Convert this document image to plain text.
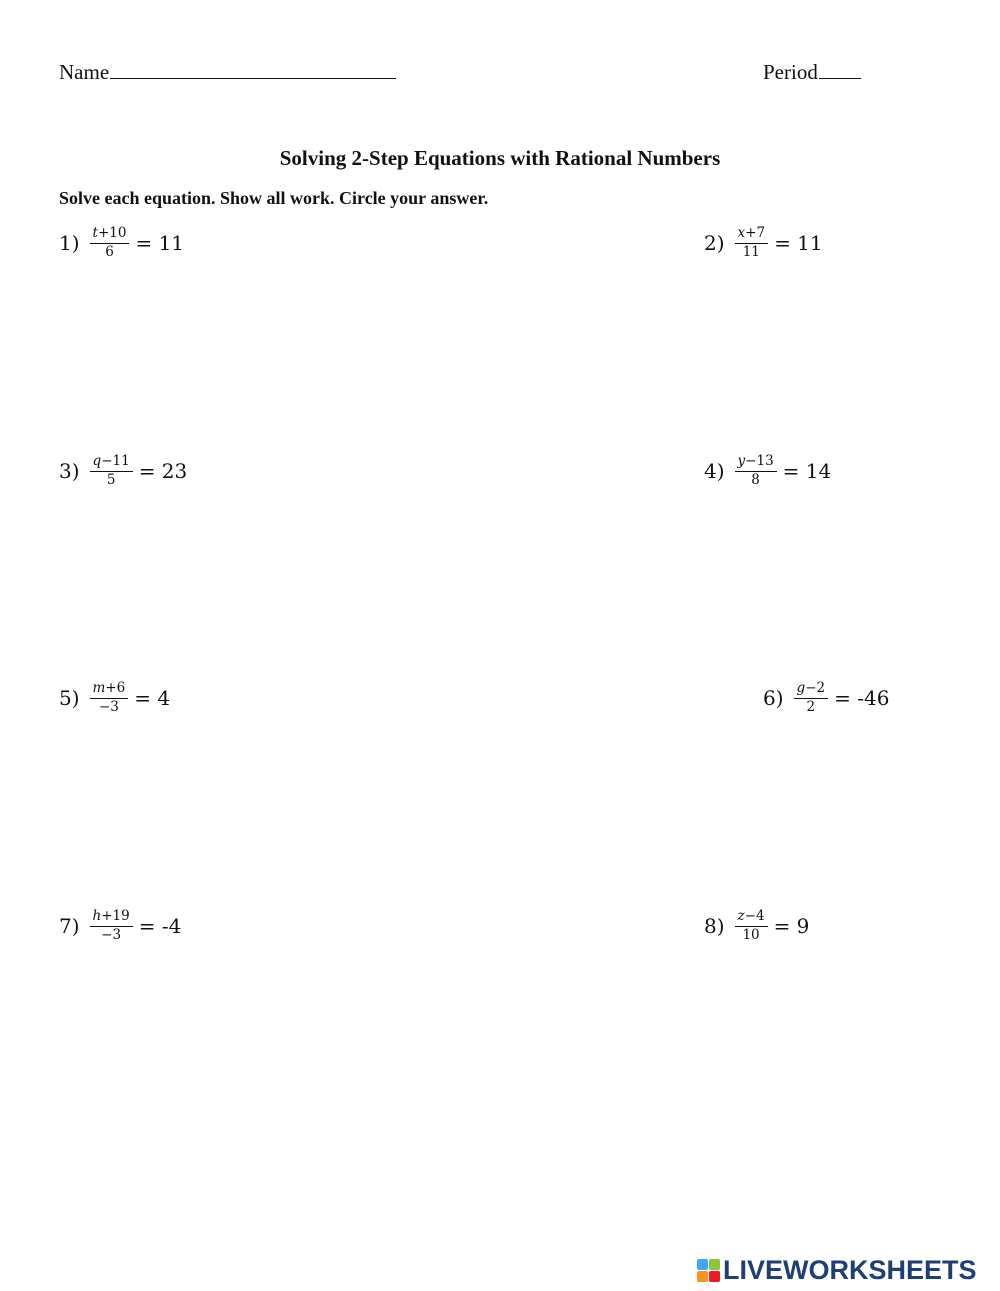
Name	Period
Solving 2-Step Equations with Rational Numbers
Solve each equation. Show all work. Circle your answer.
$1) \frac{t+10}{6} = 11$	$2) \frac{x+7}{11} = 11$
$3) \frac{q-11}{5} = 23$	$4) \frac{y-13}{8} = 14$
$5) \frac{m+6}{-3} = 4$	$6) \frac{g-2}{2} = -46$
$7) \frac{h+19}{-3} = -4$	$8) \frac{z-4}{10} = 9$
LIVEWORKSHEETS
